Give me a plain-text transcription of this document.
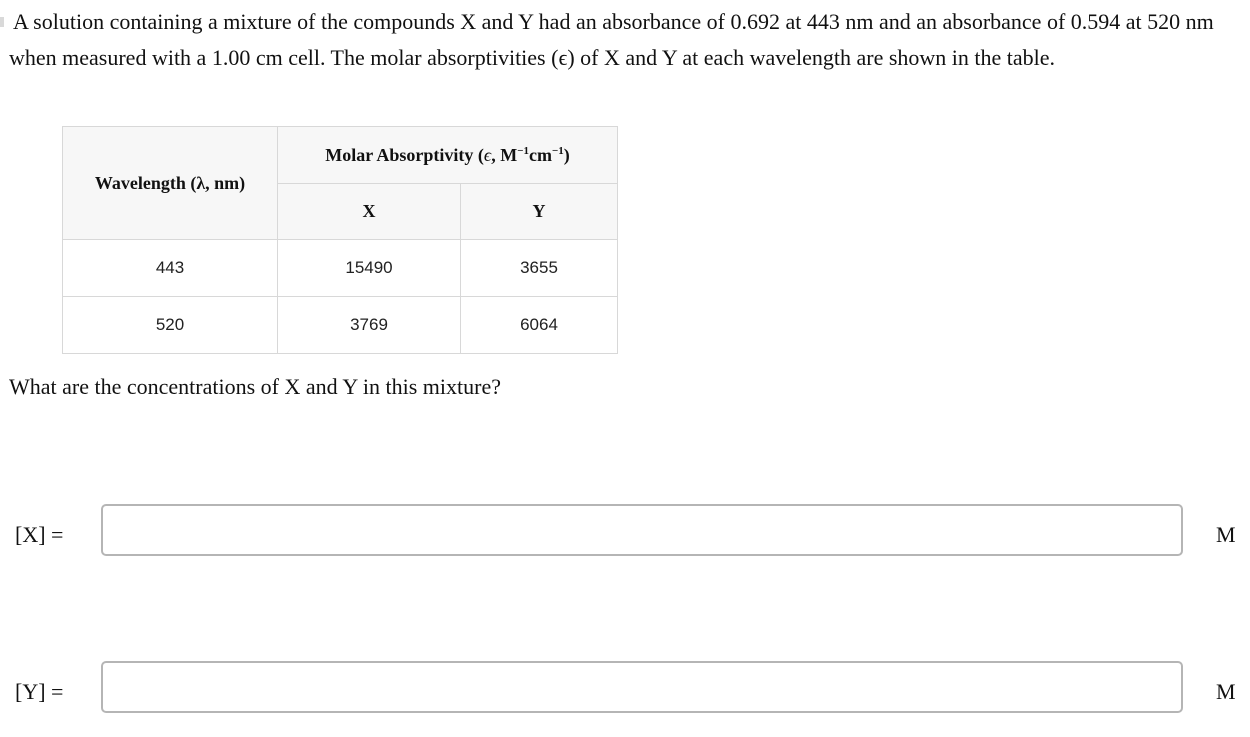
A solution containing a mixture of the compounds X and Y had an absorbance of 0.692 at 443 nm and an absorbance of 0.594 at 520 nm when measured with a 1.00 cm cell. The molar absorptivities (ϵ) of X and Y at each wavelength are shown in the table.

Wavelength (λ, nm)	Molar Absorptivity (ϵ, $M^{-1}cm^{-1}$)	
	X	Y
443	15490	3655
520	3769	6064

What are the concentrations of X and Y in this mixture?

[X] =	M
[Y] =	M
